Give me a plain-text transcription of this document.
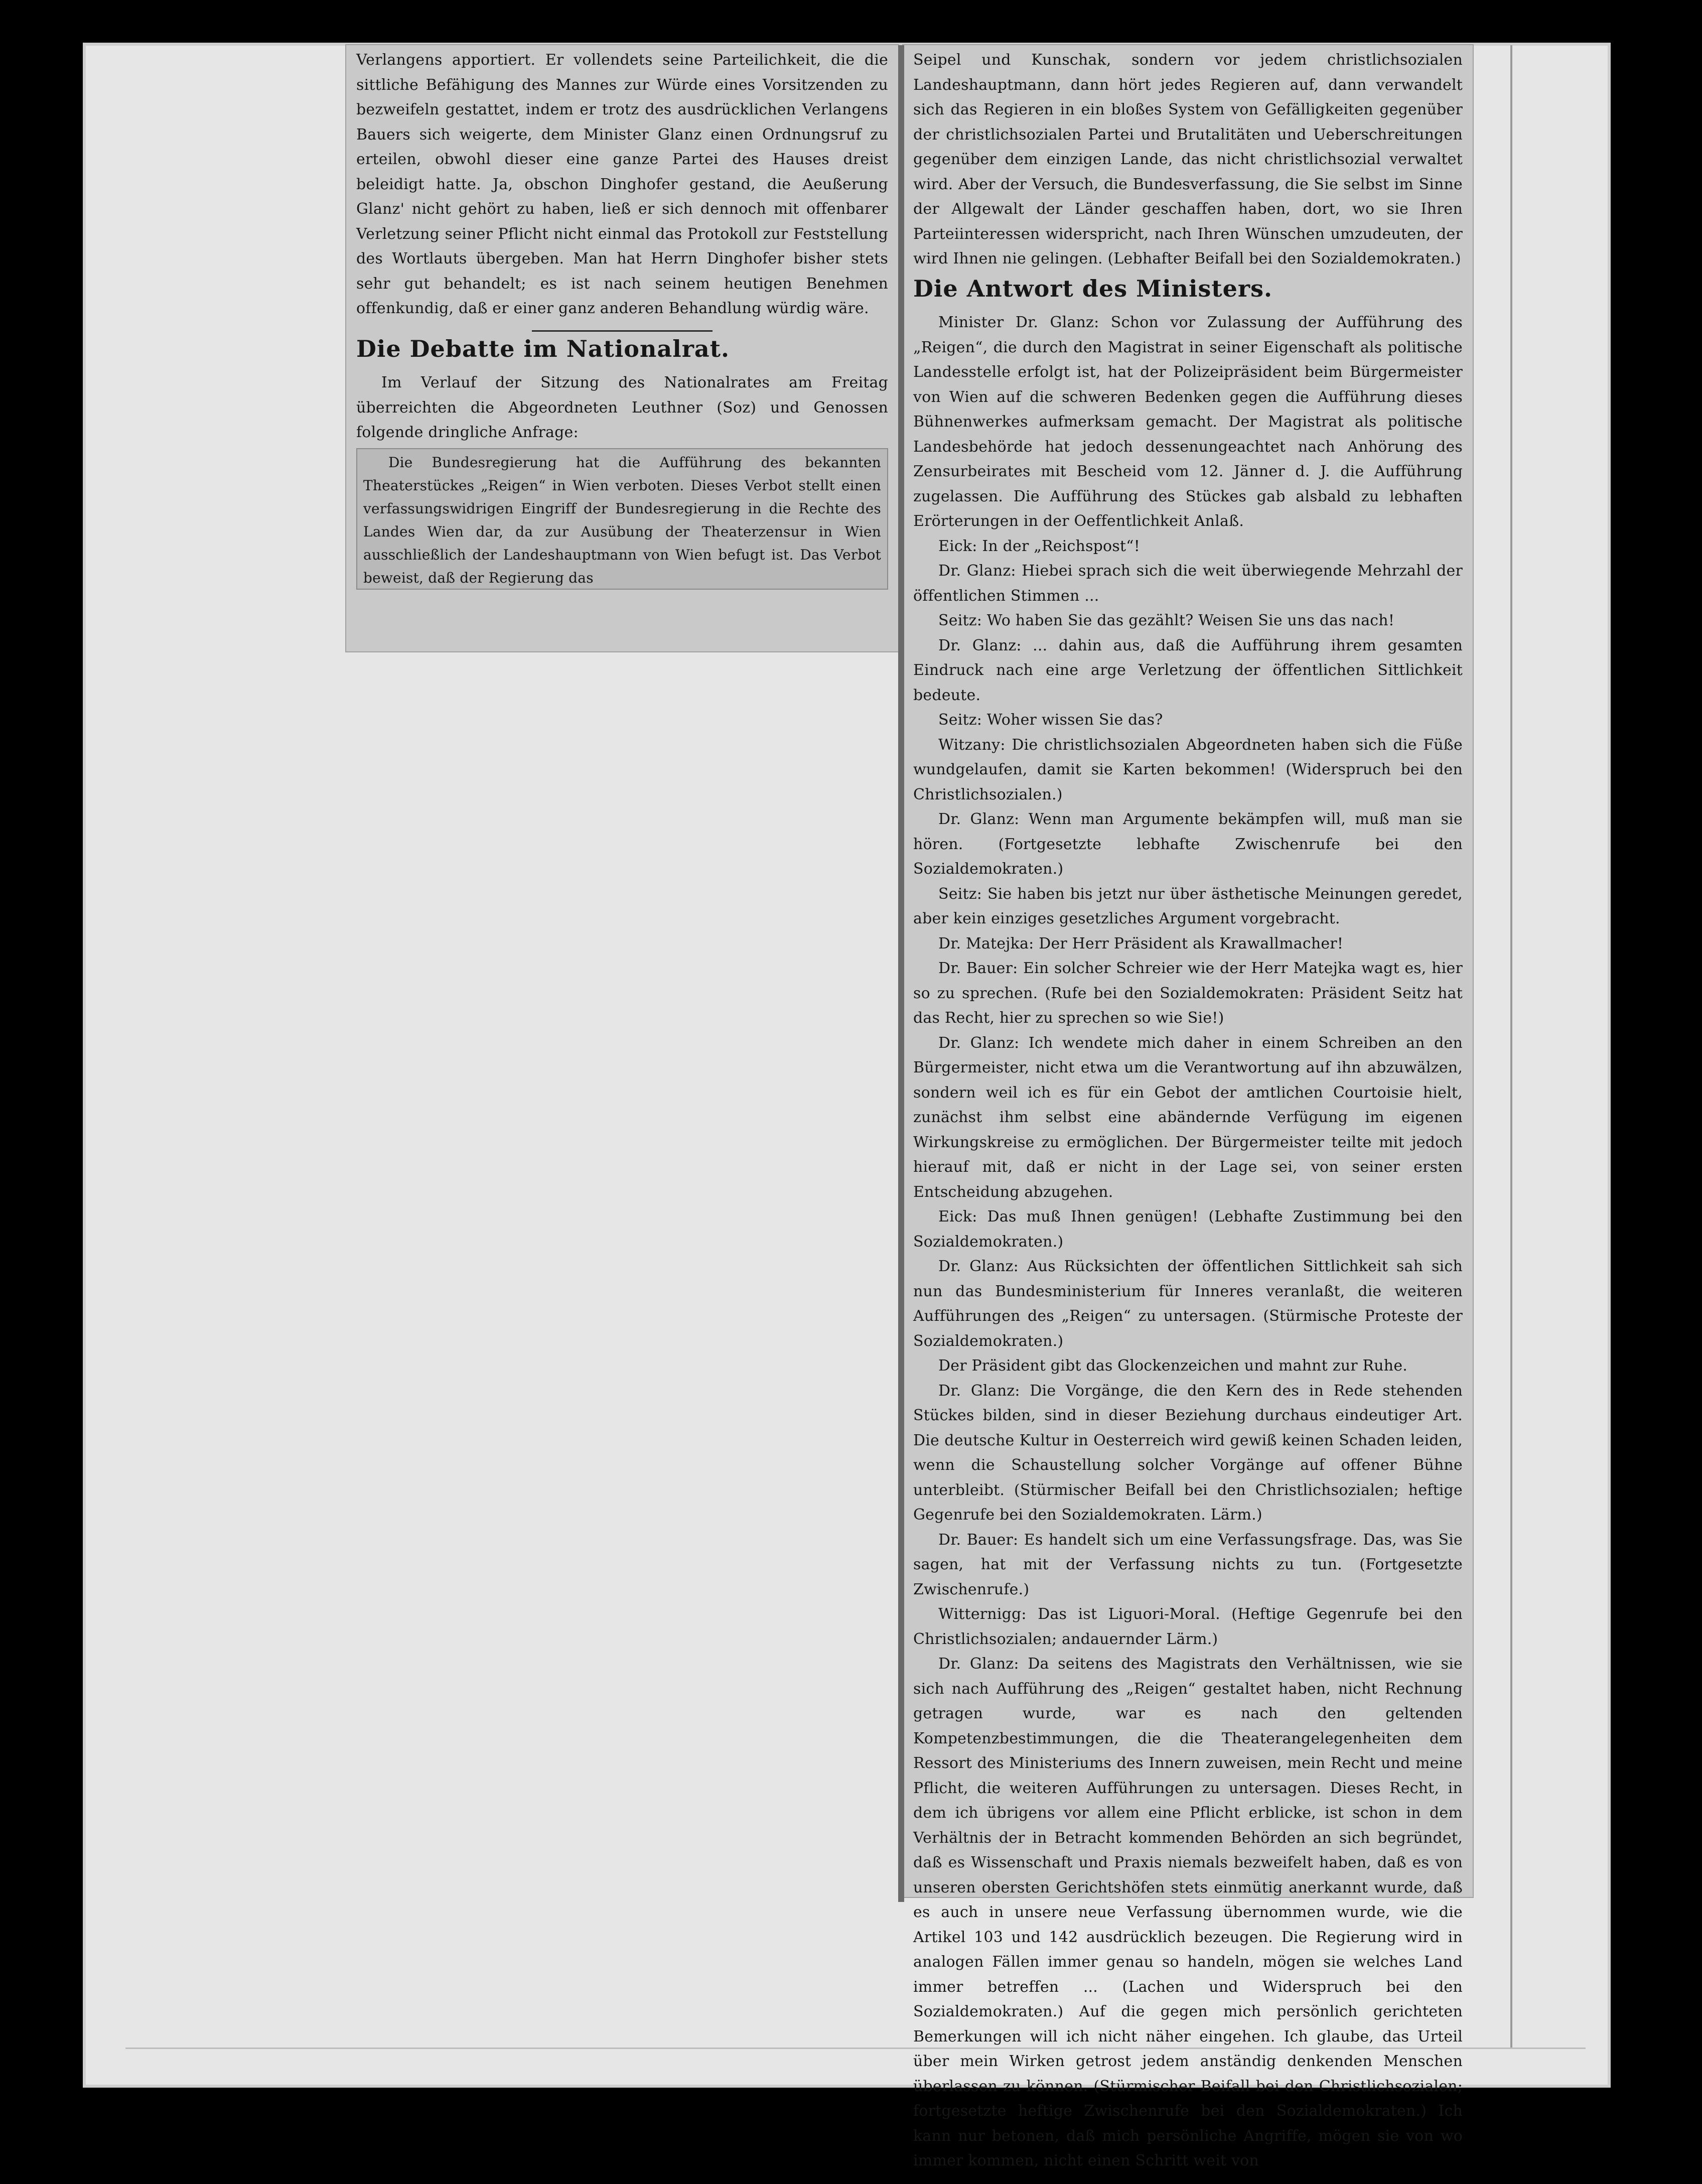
Verlangens apportiert. Er vollendets seine Parteilichkeit, die die sittliche Befähigung des Mannes zur Würde eines Vorsitzenden zu bezweifeln gestattet, indem er trotz des ausdrücklichen Verlangens Bauers sich weigerte, dem Minister Glanz einen Ordnungsruf zu erteilen, obwohl dieser eine ganze Partei des Hauses dreist beleidigt hatte. Ja, obschon Dinghofer gestand, die Aeußerung Glanz' nicht gehört zu haben, ließ er sich dennoch mit offenbarer Verletzung seiner Pflicht nicht einmal das Protokoll zur Feststellung des Wortlauts übergeben. Man hat Herrn Dinghofer bisher stets sehr gut behandelt; es ist nach seinem heutigen Benehmen offenkundig, daß er einer ganz anderen Behandlung würdig wäre.

Die Debatte im Nationalrat.

Im Verlauf der Sitzung des Nationalrates am Freitag überreichten die Abgeordneten Leuthner (Soz) und Genossen folgende dringliche Anfrage:

Die Bundesregierung hat die Aufführung des bekannten Theaterstückes „Reigen“ in Wien verboten. Dieses Verbot stellt einen verfassungswidrigen Eingriff der Bundesregierung in die Rechte des Landes Wien dar, da zur Ausübung der Theaterzensur in Wien ausschließlich der Landeshauptmann von Wien befugt ist. Das Verbot beweist, daß der Regierung das

Seipel und Kunschak, sondern vor jedem christlichsozialen Landeshauptmann, dann hört jedes Regieren auf, dann verwandelt sich das Regieren in ein bloßes System von Gefälligkeiten gegenüber der christlichsozialen Partei und Brutalitäten und Ueberschreitungen gegenüber dem einzigen Lande, das nicht christlichsozial verwaltet wird. Aber der Versuch, die Bundesverfassung, die Sie selbst im Sinne der Allgewalt der Länder geschaffen haben, dort, wo sie Ihren Parteiinteressen widerspricht, nach Ihren Wünschen umzudeuten, der wird Ihnen nie gelingen. (Lebhafter Beifall bei den Sozialdemokraten.)

Die Antwort des Ministers.

Minister Dr. Glanz: Schon vor Zulassung der Aufführung des „Reigen“, die durch den Magistrat in seiner Eigenschaft als politische Landesstelle erfolgt ist, hat der Polizeipräsident beim Bürgermeister von Wien auf die schweren Bedenken gegen die Aufführung dieses Bühnenwerkes aufmerksam gemacht. Der Magistrat als politische Landesbehörde hat jedoch dessenungeachtet nach Anhörung des Zensurbeirates mit Bescheid vom 12. Jänner d. J. die Aufführung zugelassen. Die Aufführung des Stückes gab alsbald zu lebhaften Erörterungen in der Oeffentlichkeit Anlaß.

Eick: In der „Reichspost“!

Dr. Glanz: Hiebei sprach sich die weit überwiegende Mehrzahl der öffentlichen Stimmen ...

Seitz: Wo haben Sie das gezählt? Weisen Sie uns das nach!

Dr. Glanz: ... dahin aus, daß die Aufführung ihrem gesamten Eindruck nach eine arge Verletzung der öffentlichen Sittlichkeit bedeute.

Seitz: Woher wissen Sie das?

Witzany: Die christlichsozialen Abgeordneten haben sich die Füße wundgelaufen, damit sie Karten bekommen! (Widerspruch bei den Christlichsozialen.)

Dr. Glanz: Wenn man Argumente bekämpfen will, muß man sie hören. (Fortgesetzte lebhafte Zwischenrufe bei den Sozialdemokraten.)

Seitz: Sie haben bis jetzt nur über ästhetische Meinungen geredet, aber kein einziges gesetzliches Argument vorgebracht.

Dr. Matejka: Der Herr Präsident als Krawallmacher!

Dr. Bauer: Ein solcher Schreier wie der Herr Matejka wagt es, hier so zu sprechen. (Rufe bei den Sozialdemokraten: Präsident Seitz hat das Recht, hier zu sprechen so wie Sie!)

Dr. Glanz: Ich wendete mich daher in einem Schreiben an den Bürgermeister, nicht etwa um die Verantwortung auf ihn abzuwälzen, sondern weil ich es für ein Gebot der amtlichen Courtoisie hielt, zunächst ihm selbst eine abändernde Verfügung im eigenen Wirkungskreise zu ermöglichen. Der Bürgermeister teilte mit jedoch hierauf mit, daß er nicht in der Lage sei, von seiner ersten Entscheidung abzugehen.

Eick: Das muß Ihnen genügen! (Lebhafte Zustimmung bei den Sozialdemokraten.)

Dr. Glanz: Aus Rücksichten der öffentlichen Sittlichkeit sah sich nun das Bundesministerium für Inneres veranlaßt, die weiteren Aufführungen des „Reigen“ zu untersagen. (Stürmische Proteste der Sozialdemokraten.)

Der Präsident gibt das Glockenzeichen und mahnt zur Ruhe.

Dr. Glanz: Die Vorgänge, die den Kern des in Rede stehenden Stückes bilden, sind in dieser Beziehung durchaus eindeutiger Art. Die deutsche Kultur in Oesterreich wird gewiß keinen Schaden leiden, wenn die Schaustellung solcher Vorgänge auf offener Bühne unterbleibt. (Stürmischer Beifall bei den Christlichsozialen; heftige Gegenrufe bei den Sozialdemokraten. Lärm.)

Dr. Bauer: Es handelt sich um eine Verfassungsfrage. Das, was Sie sagen, hat mit der Verfassung nichts zu tun. (Fortgesetzte Zwischenrufe.)

Witternigg: Das ist Liguori-Moral. (Heftige Gegenrufe bei den Christlichsozialen; andauernder Lärm.)

Dr. Glanz: Da seitens des Magistrats den Verhältnissen, wie sie sich nach Aufführung des „Reigen“ gestaltet haben, nicht Rechnung getragen wurde, war es nach den geltenden Kompetenzbestimmungen, die die Theaterangelegenheiten dem Ressort des Ministeriums des Innern zuweisen, mein Recht und meine Pflicht, die weiteren Aufführungen zu untersagen. Dieses Recht, in dem ich übrigens vor allem eine Pflicht erblicke, ist schon in dem Verhältnis der in Betracht kommenden Behörden an sich begründet, daß es Wissenschaft und Praxis niemals bezweifelt haben, daß es von unseren obersten Gerichtshöfen stets einmütig anerkannt wurde, daß es auch in unsere neue Verfassung übernommen wurde, wie die Artikel 103 und 142 ausdrücklich bezeugen. Die Regierung wird in analogen Fällen immer genau so handeln, mögen sie welches Land immer betreffen ... (Lachen und Widerspruch bei den Sozialdemokraten.) Auf die gegen mich persönlich gerichteten Bemerkungen will ich nicht näher eingehen. Ich glaube, das Urteil über mein Wirken getrost jedem anständig denkenden Menschen überlassen zu können. (Stürmischer Beifall bei den Christlichsozialen; fortgesetzte heftige Zwischenrufe bei den Sozialdemokraten.) Ich kann nur betonen, daß mich persönliche Angriffe, mögen sie von wo immer kommen, nicht einen Schritt weit von
